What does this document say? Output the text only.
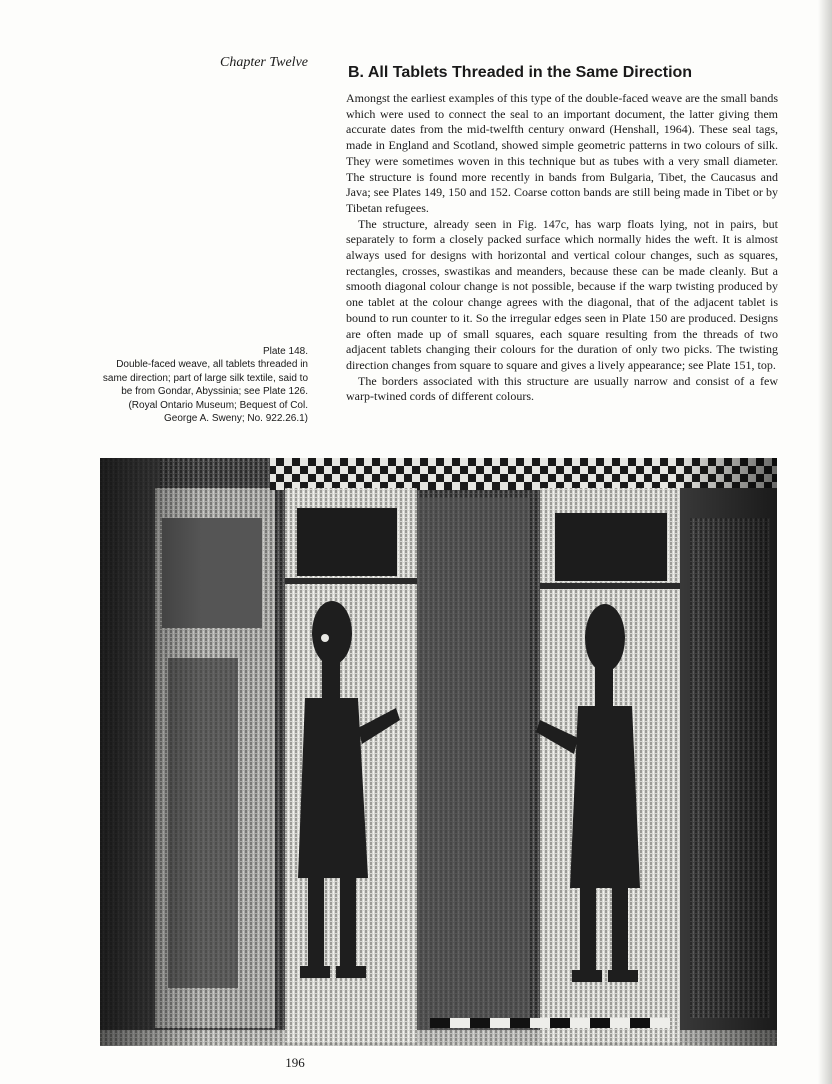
Chapter Twelve
B. All Tablets Threaded in the Same Direction

Amongst the earliest examples of this type of the double-faced weave are the small bands which were used to connect the seal to an important document, the latter giving them accurate dates from the mid-twelfth century onward (Henshall, 1964). These seal tags, made in England and Scotland, showed simple geometric patterns in two colours of silk. They were sometimes woven in this technique but as tubes with a very small diameter. The structure is found more recently in bands from Bulgaria, Tibet, the Caucasus and Java; see Plates 149, 150 and 152. Coarse cotton bands are still being made in Tibet or by Tibetan refugees.

The structure, already seen in Fig. 147c, has warp floats lying, not in pairs, but separately to form a closely packed surface which normally hides the weft. It is almost always used for designs with horizontal and vertical colour changes, such as squares, rectangles, crosses, swastikas and meanders, because these can be made cleanly. But a smooth diagonal colour change is not possible, because if the warp twisting produced by one tablet at the colour change agrees with the diagonal, that of the adjacent tablet is bound to run counter to it. So the irregular edges seen in Plate 150 are produced. Designs are often made up of small squares, each square resulting from the threads of two adjacent tablets changing their colours for the duration of only two picks. The twisting direction changes from square to square and gives a lively appearance; see Plate 151, top.

The borders associated with this structure are usually narrow and consist of a few warp-twined cords of different colours.

Plate 148.
Double-faced weave, all tablets threaded in same direction; part of large silk textile, said to be from Gondar, Abyssinia; see Plate 126. (Royal Ontario Museum; Bequest of Col. George A. Sweny; No. 922.26.1)
196
